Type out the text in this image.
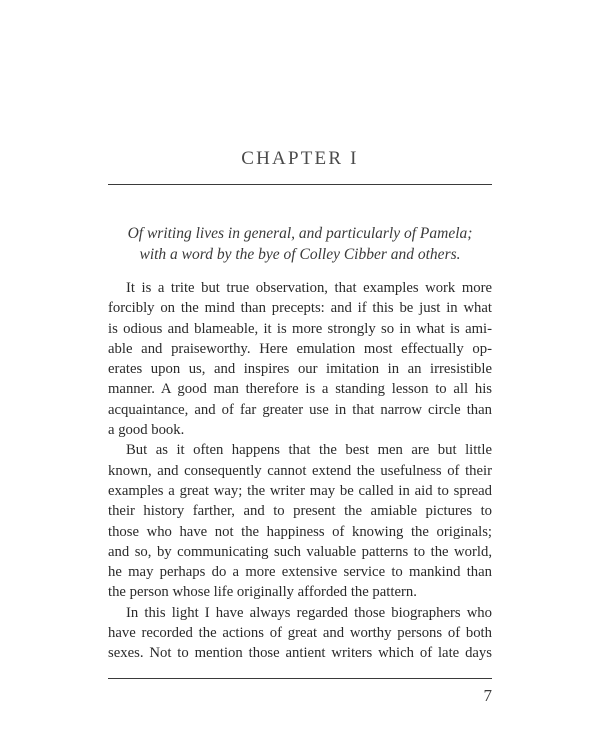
CHAPTER I
Of writing lives in general, and particularly of Pamela;
with a word by the bye of Colley Cibber and others.
It is a trite but true observation, that examples work more
forcibly on the mind than precepts: and if this be just in what
is odious and blameable, it is more strongly so in what is ami-
able and praiseworthy. Here emulation most effectually op-
erates upon us, and inspires our imitation in an irresistible
manner. A good man therefore is a standing lesson to all his
acquaintance, and of far greater use in that narrow circle than
a good book.
But as it often happens that the best men are but little
known, and consequently cannot extend the usefulness of their
examples a great way; the writer may be called in aid to spread
their history farther, and to present the amiable pictures to
those who have not the happiness of knowing the originals;
and so, by communicating such valuable patterns to the world,
he may perhaps do a more extensive service to mankind than
the person whose life originally afforded the pattern.
In this light I have always regarded those biographers who
have recorded the actions of great and worthy persons of both
sexes. Not to mention those antient writers which of late days
7
